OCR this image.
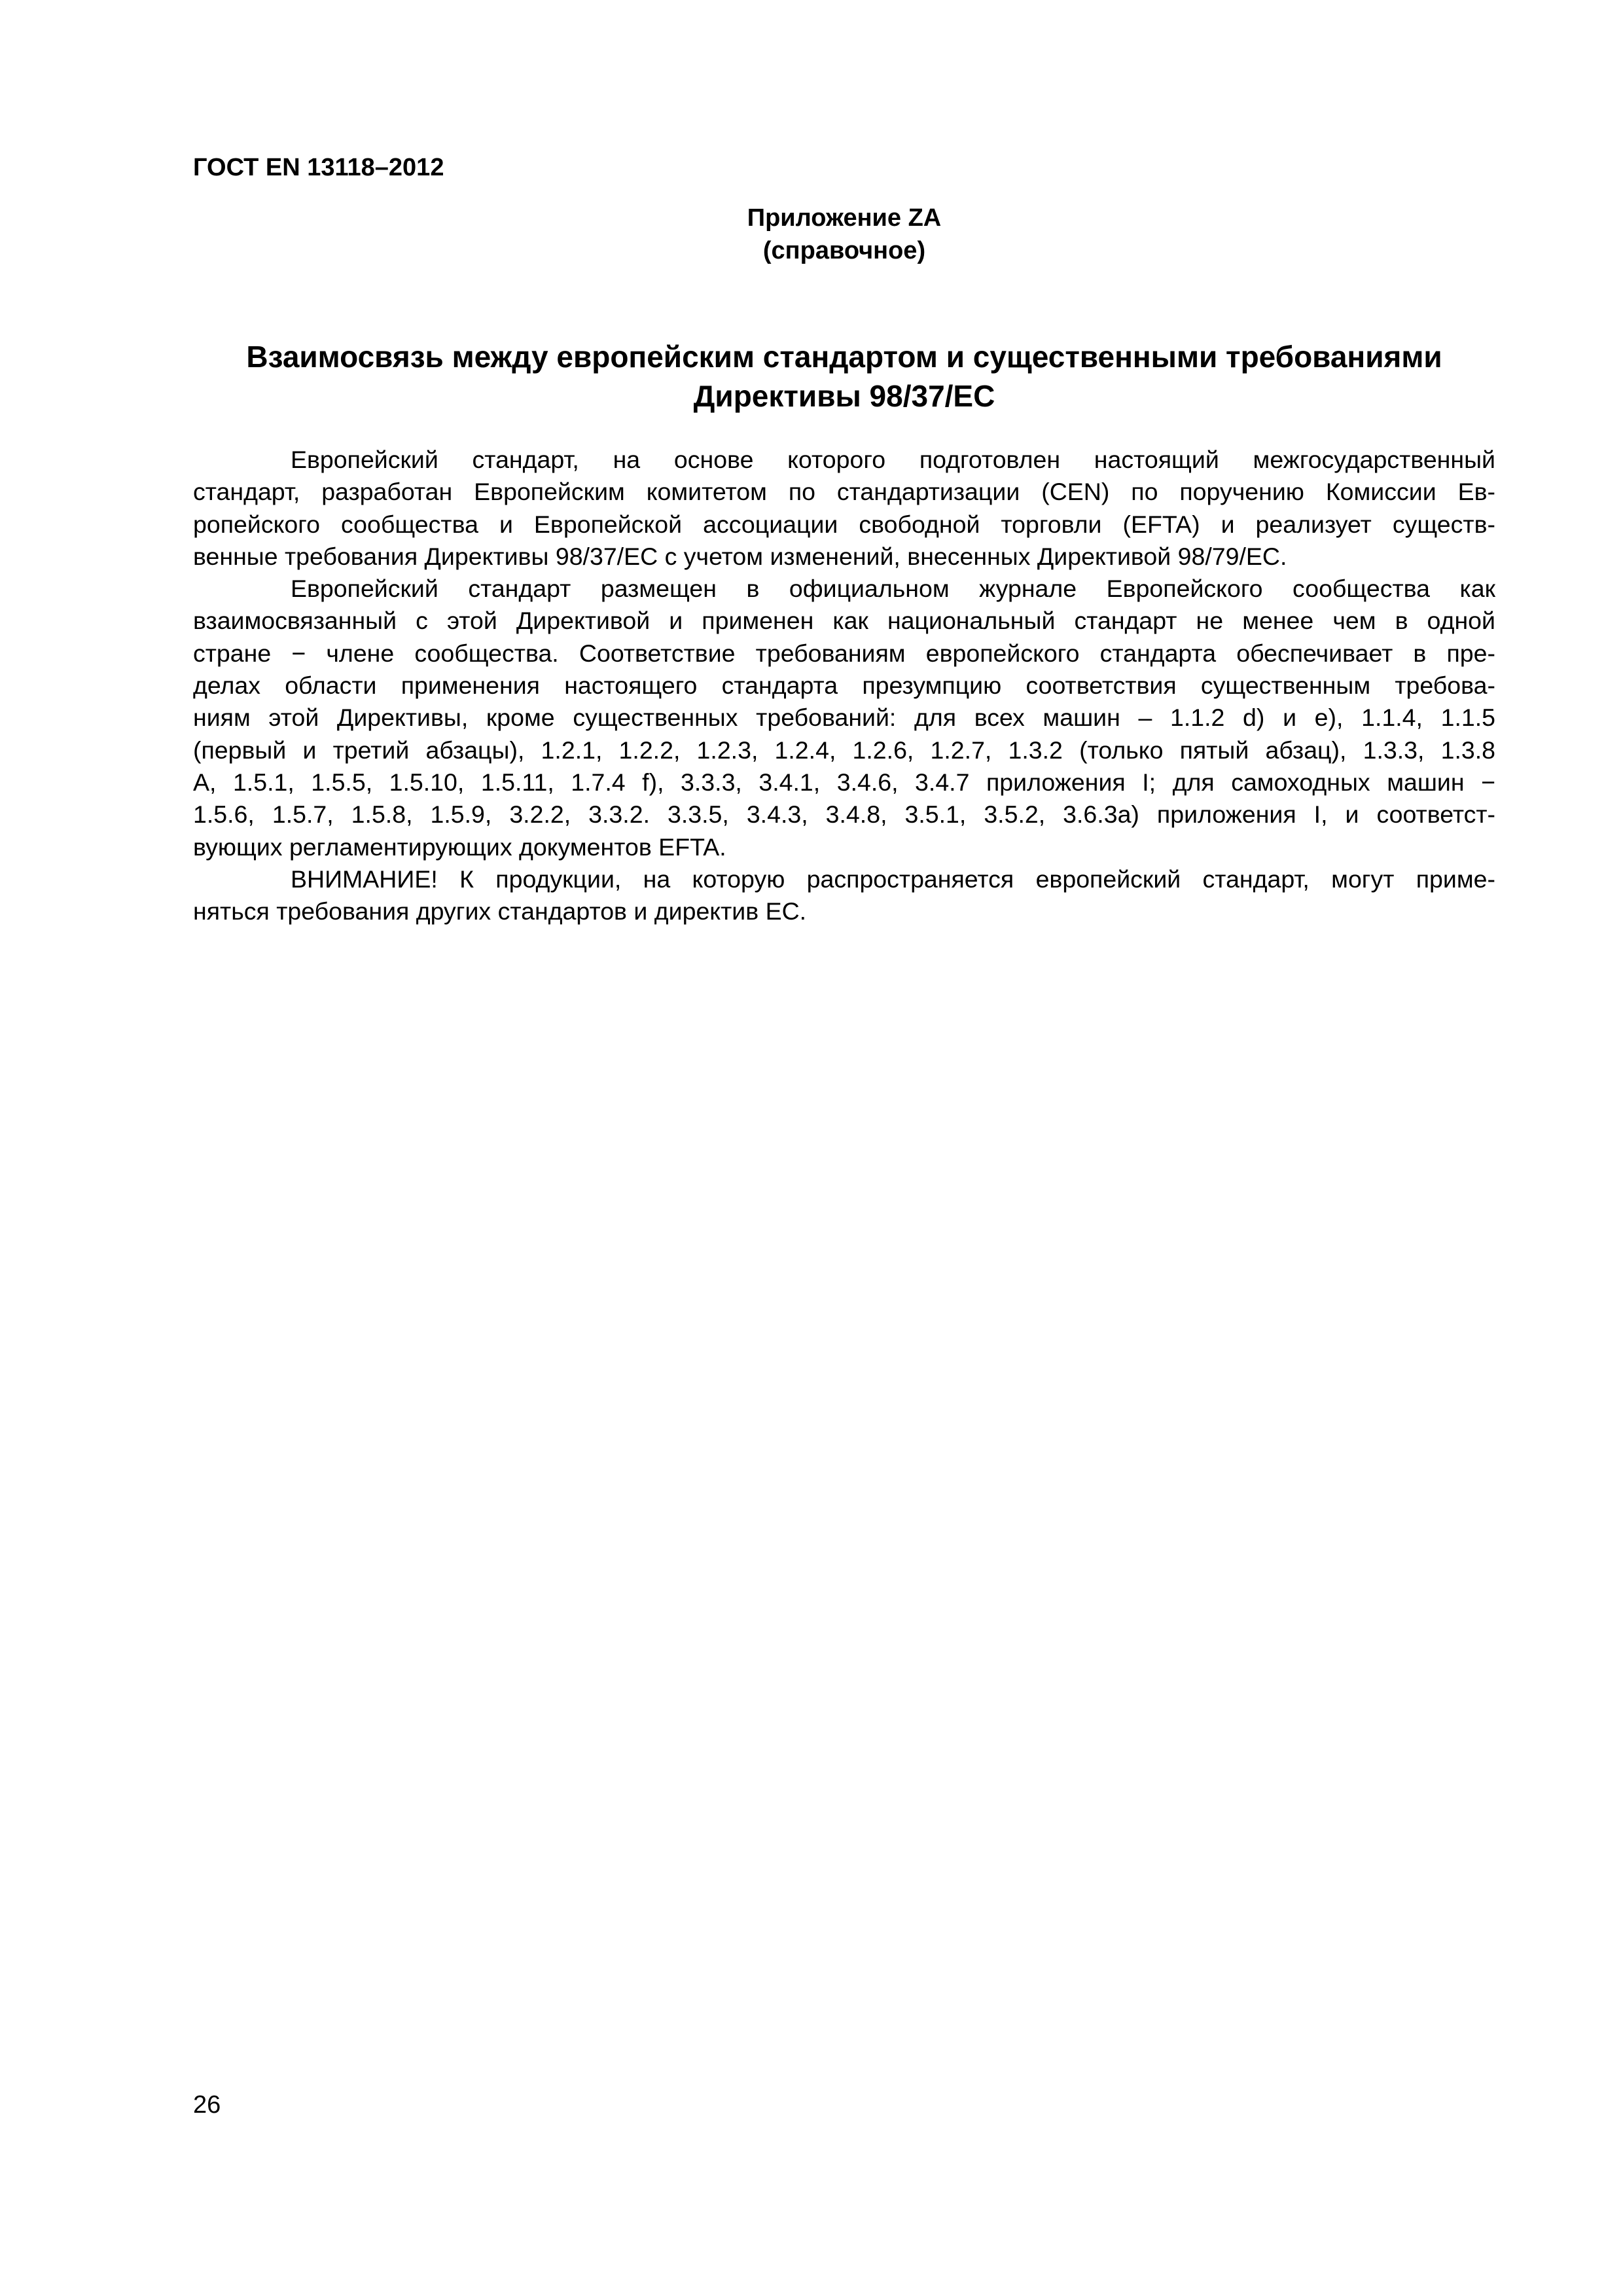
ГОСТ EN 13118–2012
Приложение ZA
(справочное)
Взаимосвязь между европейским стандартом и существенными требованиями
Директивы 98/37/ЕС
Европейский стандарт, на основе которого подготовлен настоящий межгосударственный
стандарт, разработан Европейским комитетом по стандартизации (CEN) по поручению Комиссии Ев-
ропейского сообщества и Европейской ассоциации свободной торговли (EFTA) и реализует существ-
венные требования Директивы 98/37/ЕС с учетом изменений, внесенных Директивой 98/79/ЕС.
Европейский стандарт размещен в официальном журнале Европейского сообщества как
взаимосвязанный с этой Директивой и применен как национальный стандарт не менее чем в одной
стране − члене сообщества. Соответствие требованиям европейского стандарта обеспечивает в пре-
делах области применения настоящего стандарта презумпцию соответствия существенным требова-
ниям этой Директивы, кроме существенных требований: для всех машин – 1.1.2 d) и е), 1.1.4, 1.1.5
(первый и третий абзацы), 1.2.1, 1.2.2, 1.2.3, 1.2.4, 1.2.6, 1.2.7, 1.3.2 (только пятый абзац), 1.3.3, 1.3.8
А, 1.5.1, 1.5.5, 1.5.10, 1.5.11, 1.7.4 f), 3.3.3, 3.4.1, 3.4.6, 3.4.7 приложения I; для самоходных машин −
1.5.6, 1.5.7, 1.5.8, 1.5.9, 3.2.2, 3.3.2. 3.3.5, 3.4.3, 3.4.8, 3.5.1, 3.5.2, 3.6.3а) приложения I, и соответст-
вующих регламентирующих документов EFTA.
ВНИМАНИЕ! К продукции, на которую распространяется европейский стандарт, могут приме-
няться требования других стандартов и директив ЕС.
26
